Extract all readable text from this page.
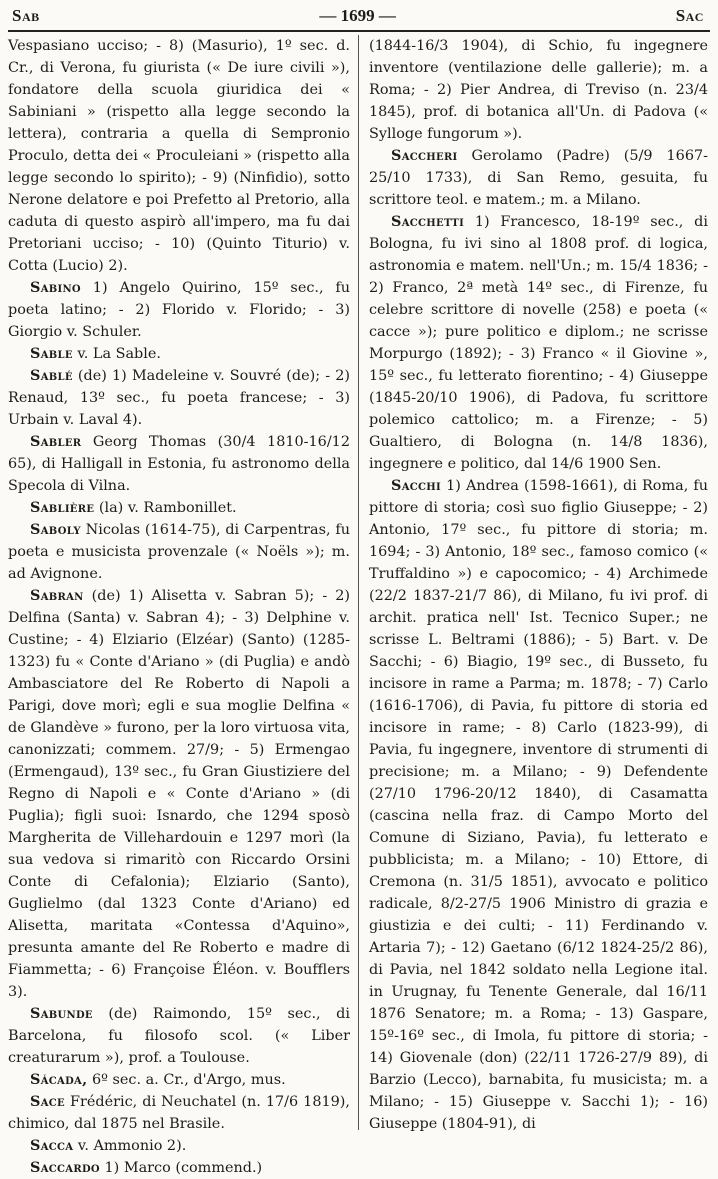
Sab	— 1699 —	Sac

Vespasiano ucciso; - 8) (Masurio), 1º sec. d. Cr., di Verona, fu giurista (« De iure civili »), fondatore della scuola giuridica dei « Sabiniani » (rispetto alla legge secondo la lettera), contraria a quella di Sempronio Proculo, detta dei « Proculeiani » (rispetto alla legge secondo lo spirito); - 9) (Ninfidio), sotto Nerone delatore e poi Prefetto al Pretorio, alla caduta di questo aspirò all'impero, ma fu dai Pretoriani ucciso; - 10) (Quinto Titurio) v. Cotta (Lucio) 2).

Sabino 1) Angelo Quirino, 15º sec., fu poeta latino; - 2) Florido v. Florido; - 3) Giorgio v. Schuler.

Sable v. La Sable.

Sablé (de) 1) Madeleine v. Souvré (de); - 2) Renaud, 13º sec., fu poeta francese; - 3) Urbain v. Laval 4).

Sabler Georg Thomas (30/4 1810-16/12 65), di Halligall in Estonia, fu astronomo della Specola di Vilna.

Sablière (la) v. Rambonillet.

Saboly Nicolas (1614-75), di Carpentras, fu poeta e musicista provenzale (« Noëls »); m. ad Avignone.

Sabran (de) 1) Alisetta v. Sabran 5); - 2) Delfina (Santa) v. Sabran 4); - 3) Delphine v. Custine; - 4) Elziario (Elzéar) (Santo) (1285-1323) fu « Conte d'Ariano » (di Puglia) e andò Ambasciatore del Re Roberto di Napoli a Parigi, dove morì; egli e sua moglie Delfina « de Glandève » furono, per la loro virtuosa vita, canonizzati; commem. 27/9; - 5) Ermengao (Ermengaud), 13º sec., fu Gran Giustiziere del Regno di Napoli e « Conte d'Ariano » (di Puglia); figli suoi: Isnardo, che 1294 sposò Margherita de Villehardouin e 1297 morì (la sua vedova si rimaritò con Riccardo Orsini Conte di Cefalonia); Elziario (Santo), Guglielmo (dal 1323 Conte d'Ariano) ed Alisetta, maritata «Contessa d'Aquino», presunta amante del Re Roberto e madre di Fiammetta; - 6) Françoise Éléon. v. Boufflers 3).

Sabunde (de) Raimondo, 15º sec., di Barcelona, fu filosofo scol. (« Liber creaturarum »), prof. a Toulouse.

Sácada, 6º sec. a. Cr., d'Argo, mus.

Sace Frédéric, di Neuchatel (n. 17/6 1819), chimico, dal 1875 nel Brasile.

Sacca v. Ammonio 2).

Saccardo 1) Marco (commend.)

(1844-16/3 1904), di Schio, fu ingegnere inventore (ventilazione delle gallerie); m. a Roma; - 2) Pier Andrea, di Treviso (n. 23/4 1845), prof. di botanica all'Un. di Padova (« Sylloge fungorum »).

Saccheri Gerolamo (Padre) (5/9 1667-25/10 1733), di San Remo, gesuita, fu scrittore teol. e matem.; m. a Milano.

Sacchetti 1) Francesco, 18-19º sec., di Bologna, fu ivi sino al 1808 prof. di logica, astronomia e matem. nell'Un.; m. 15/4 1836; - 2) Franco, 2ª metà 14º sec., di Firenze, fu celebre scrittore di novelle (258) e poeta (« cacce »); pure politico e diplom.; ne scrisse Morpurgo (1892); - 3) Franco « il Giovine », 15º sec., fu letterato fiorentino; - 4) Giuseppe (1845-20/10 1906), di Padova, fu scrittore polemico cattolico; m. a Firenze; - 5) Gualtiero, di Bologna (n. 14/8 1836), ingegnere e politico, dal 14/6 1900 Sen.

Sacchi 1) Andrea (1598-1661), di Roma, fu pittore di storia; così suo figlio Giuseppe; - 2) Antonio, 17º sec., fu pittore di storia; m. 1694; - 3) Antonio, 18º sec., famoso comico (« Truffaldino ») e capocomico; - 4) Archimede (22/2 1837-21/7 86), di Milano, fu ivi prof. di archit. pratica nell' Ist. Tecnico Super.; ne scrisse L. Beltrami (1886); - 5) Bart. v. De Sacchi; - 6) Biagio, 19º sec., di Busseto, fu incisore in rame a Parma; m. 1878; - 7) Carlo (1616-1706), di Pavia, fu pittore di storia ed incisore in rame; - 8) Carlo (1823-99), di Pavia, fu ingegnere, inventore di strumenti di precisione; m. a Milano; - 9) Defendente (27/10 1796-20/12 1840), di Casamatta (cascina nella fraz. di Campo Morto del Comune di Siziano, Pavia), fu letterato e pubblicista; m. a Milano; - 10) Ettore, di Cremona (n. 31/5 1851), avvocato e politico radicale, 8/2-27/5 1906 Ministro di grazia e giustizia e dei culti; - 11) Ferdinando v. Artaria 7); - 12) Gaetano (6/12 1824-25/2 86), di Pavia, nel 1842 soldato nella Legione ital. in Urugnay, fu Tenente Generale, dal 16/11 1876 Senatore; m. a Roma; - 13) Gaspare, 15º-16º sec., di Imola, fu pittore di storia; - 14) Giovenale (don) (22/11 1726-27/9 89), di Barzio (Lecco), barnabita, fu musicista; m. a Milano; - 15) Giuseppe v. Sacchi 1); - 16) Giuseppe (1804-91), di
